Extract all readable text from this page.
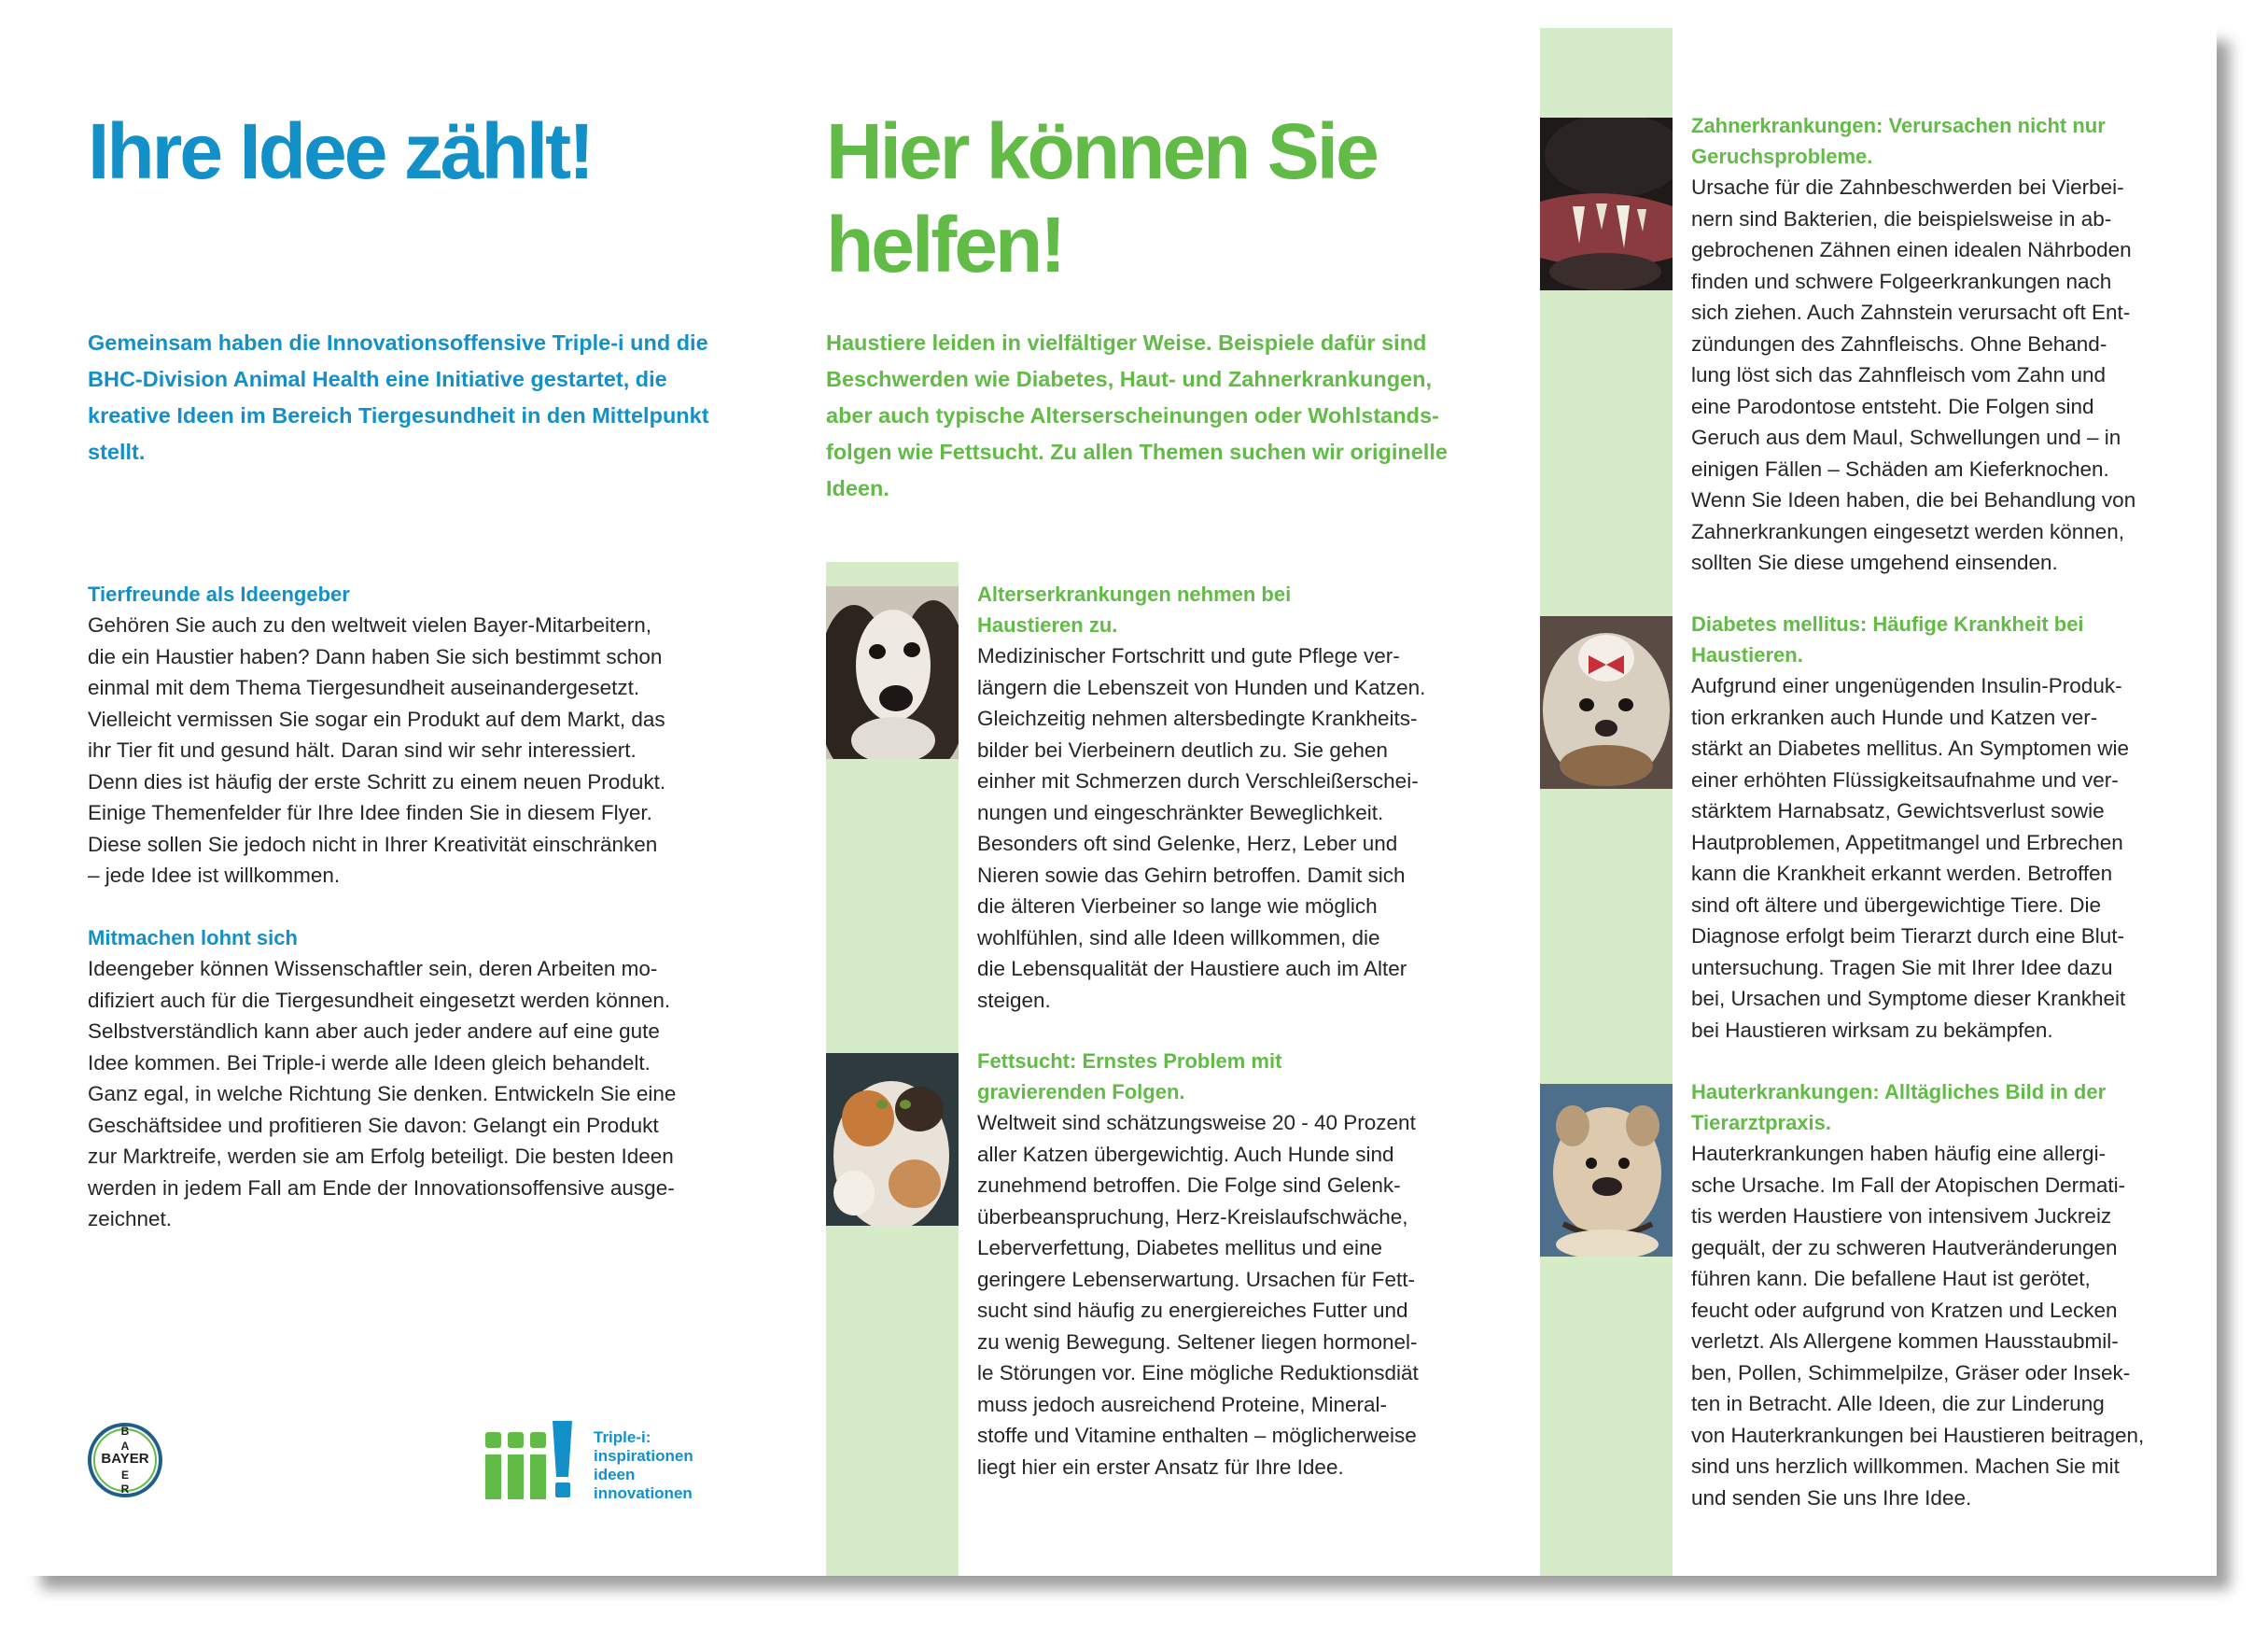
Ihre Idee zählt!
Gemeinsam haben die Innovationsoffensive Triple-i und die
BHC-Division Animal Health eine Initiative gestartet, die
kreative Ideen im Bereich Tiergesundheit in den Mittelpunkt
stellt.
Tierfreunde als Ideengeber
Gehören Sie auch zu den weltweit vielen Bayer-Mitarbeitern,
die ein Haustier haben? Dann haben Sie sich bestimmt schon
einmal mit dem Thema Tiergesundheit auseinandergesetzt.
Vielleicht vermissen Sie sogar ein Produkt auf dem Markt, das
ihr Tier fit und gesund hält. Daran sind wir sehr interessiert.
Denn dies ist häufig der erste Schritt zu einem neuen Produkt.
Einige Themenfelder für Ihre Idee finden Sie in diesem Flyer.
Diese sollen Sie jedoch nicht in Ihrer Kreativität einschränken
– jede Idee ist willkommen.
Mitmachen lohnt sich
Ideengeber können Wissenschaftler sein, deren Arbeiten mo-
difiziert auch für die Tiergesundheit eingesetzt werden können.
Selbstverständlich kann aber auch jeder andere auf eine gute
Idee kommen. Bei Triple-i werde alle Ideen gleich behandelt.
Ganz egal, in welche Richtung Sie denken. Entwickeln Sie eine
Geschäftsidee und profitieren Sie davon: Gelangt ein Produkt
zur Marktreife, werden sie am Erfolg beteiligt. Die besten Ideen
werden in jedem Fall am Ende der Innovationsoffensive ausge-
zeichnet.
BAYER
B
A
E
R
Triple-i:
inspirationen
ideen
innovationen
Hier können Sie
helfen!
Haustiere leiden in vielfältiger Weise. Beispiele dafür sind
Beschwerden wie Diabetes, Haut- und Zahnerkrankungen,
aber auch typische Alterserscheinungen oder Wohlstands-
folgen wie Fettsucht. Zu allen Themen suchen wir originelle
Ideen.
Alterserkrankungen nehmen bei
Haustieren zu.
Medizinischer Fortschritt und gute Pflege ver-
längern die Lebenszeit von Hunden und Katzen.
Gleichzeitig nehmen altersbedingte Krankheits-
bilder bei Vierbeinern deutlich zu. Sie gehen
einher mit Schmerzen durch Verschleißerschei-
nungen und eingeschränkter Beweglichkeit.
Besonders oft sind Gelenke, Herz, Leber und
Nieren sowie das Gehirn betroffen. Damit sich
die älteren Vierbeiner so lange wie möglich
wohlfühlen, sind alle Ideen willkommen, die
die Lebensqualität der Haustiere auch im Alter
steigen.
Fettsucht: Ernstes Problem mit
gravierenden Folgen.
Weltweit sind schätzungsweise 20 - 40 Prozent
aller Katzen übergewichtig. Auch Hunde sind
zunehmend betroffen. Die Folge sind Gelenk-
überbeanspruchung, Herz-Kreislaufschwäche,
Leberverfettung, Diabetes mellitus und eine
geringere Lebenserwartung. Ursachen für Fett-
sucht sind häufig zu energiereiches Futter und
zu wenig Bewegung. Seltener liegen hormonel-
le Störungen vor. Eine mögliche Reduktionsdiät
muss jedoch ausreichend Proteine, Mineral-
stoffe und Vitamine enthalten – möglicherweise
liegt hier ein erster Ansatz für Ihre Idee.
Zahnerkrankungen: Verursachen nicht nur
Geruchsprobleme.
Ursache für die Zahnbeschwerden bei Vierbei-
nern sind Bakterien, die beispielsweise in ab-
gebrochenen Zähnen einen idealen Nährboden
finden und schwere Folgeerkrankungen nach
sich ziehen. Auch Zahnstein verursacht oft Ent-
zündungen des Zahnfleischs. Ohne Behand-
lung löst sich das Zahnfleisch vom Zahn und
eine Parodontose entsteht. Die Folgen sind
Geruch aus dem Maul, Schwellungen und – in
einigen Fällen – Schäden am Kieferknochen.
Wenn Sie Ideen haben, die bei Behandlung von
Zahnerkrankungen eingesetzt werden können,
sollten Sie diese umgehend einsenden.
Diabetes mellitus: Häufige Krankheit bei
Haustieren.
Aufgrund einer ungenügenden Insulin-Produk-
tion erkranken auch Hunde und Katzen ver-
stärkt an Diabetes mellitus. An Symptomen wie
einer erhöhten Flüssigkeitsaufnahme und ver-
stärktem Harnabsatz, Gewichtsverlust sowie
Hautproblemen, Appetitmangel und Erbrechen
kann die Krankheit erkannt werden. Betroffen
sind oft ältere und übergewichtige Tiere. Die
Diagnose erfolgt beim Tierarzt durch eine Blut-
untersuchung. Tragen Sie mit Ihrer Idee dazu
bei, Ursachen und Symptome dieser Krankheit
bei Haustieren wirksam zu bekämpfen.
Hauterkrankungen: Alltägliches Bild in der
Tierarztpraxis.
Hauterkrankungen haben häufig eine allergi-
sche Ursache. Im Fall der Atopischen Dermati-
tis werden Haustiere von intensivem Juckreiz
gequält, der zu schweren Hautveränderungen
führen kann. Die befallene Haut ist gerötet,
feucht oder aufgrund von Kratzen und Lecken
verletzt. Als Allergene kommen Hausstaubmil-
ben, Pollen, Schimmelpilze, Gräser oder Insek-
ten in Betracht. Alle Ideen, die zur Linderung
von Hauterkrankungen bei Haustieren beitragen,
sind uns herzlich willkommen. Machen Sie mit
und senden Sie uns Ihre Idee.
